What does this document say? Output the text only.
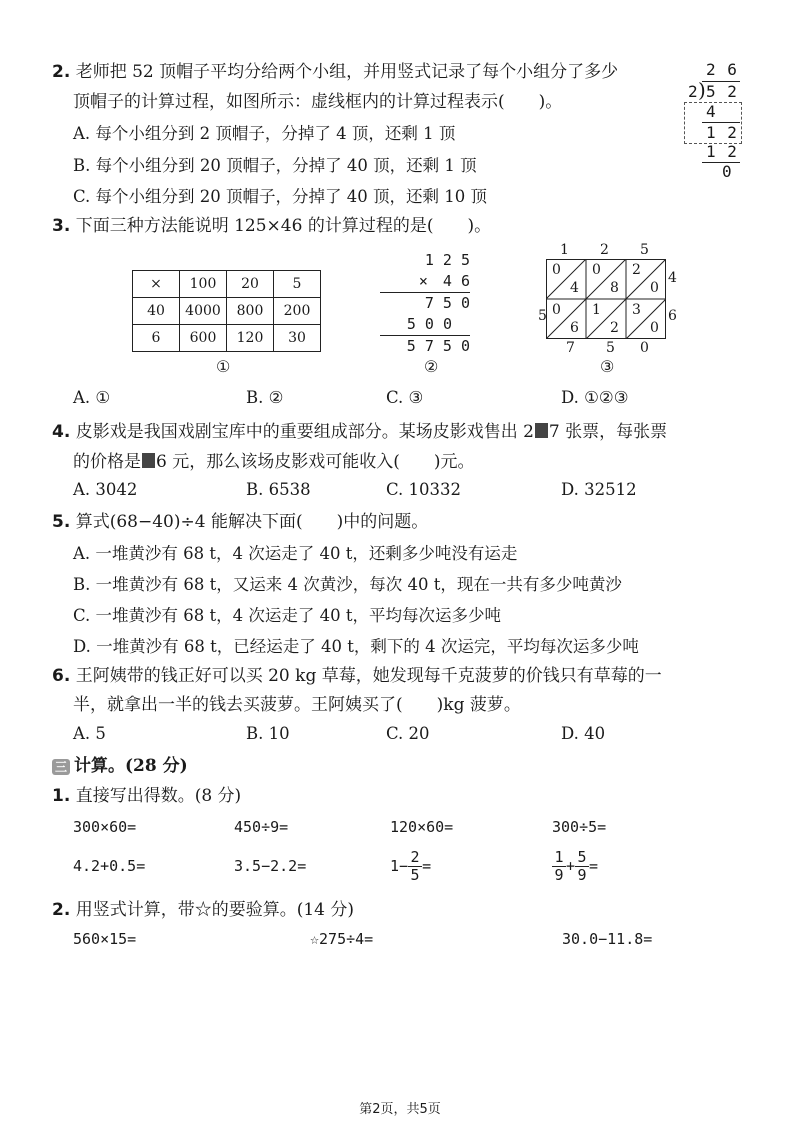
2. 老师把 52 顶帽子平均分给两个小组，并用竖式记录了每个小组分了多少
顶帽子的计算过程，如图所示：虚线框内的计算过程表示(　　)。
A. 每个小组分到 2 顶帽子，分掉了 4 顶，还剩 1 顶
B. 每个小组分到 20 顶帽子，分掉了 40 顶，还剩 1 顶
C. 每个小组分到 20 顶帽子，分掉了 40 顶，还剩 10 顶
2 6
2 ) 5 2
4
1 2
1 2
0
3. 下面三种方法能说明 125×46 的计算过程的是(　　)。
×	100	20	5
40	4000	800	200
6	600	120	30
1 2 5
×　4 6
7 5 0
5 0 0
5 7 5 0
1 2 5
5
4
6
0
4
0
8
2
0
0
6
1
2
3
0
7 5 0
①	②	③
A. ①	B. ②	C. ③	D. ①②③
4. 皮影戏是我国戏剧宝库中的重要组成部分。某场皮影戏售出 2 7 张票，每张票
的价格是 6 元，那么该场皮影戏可能收入(　　)元。
A. 3042	B. 6538	C. 10332	D. 32512
5. 算式(68−40)÷4 能解决下面(　　)中的问题。
A. 一堆黄沙有 68 t，4 次运走了 40 t，还剩多少吨没有运走
B. 一堆黄沙有 68 t，又运来 4 次黄沙，每次 40 t，现在一共有多少吨黄沙
C. 一堆黄沙有 68 t，4 次运走了 40 t，平均每次运多少吨
D. 一堆黄沙有 68 t，已经运走了 40 t，剩下的 4 次运完，平均每次运多少吨
6. 王阿姨带的钱正好可以买 20 kg 草莓，她发现每千克菠萝的价钱只有草莓的一
半，就拿出一半的钱去买菠萝。王阿姨买了(　　)kg 菠萝。
A. 5	B. 10	C. 20	D. 40
三 计算。(28 分)
1. 直接写出得数。(8 分)
300×60=	450÷9=	120×60=	300÷5=
4.2+0.5=	3.5−2.2=	$1- \frac{2}{5}$ =	$\frac{1}{9} + \frac{5}{9}$ =
2. 用竖式计算，带☆的要验算。(14 分)
560×15=	☆275÷4=	30.0−11.8=
第2页，共5页
